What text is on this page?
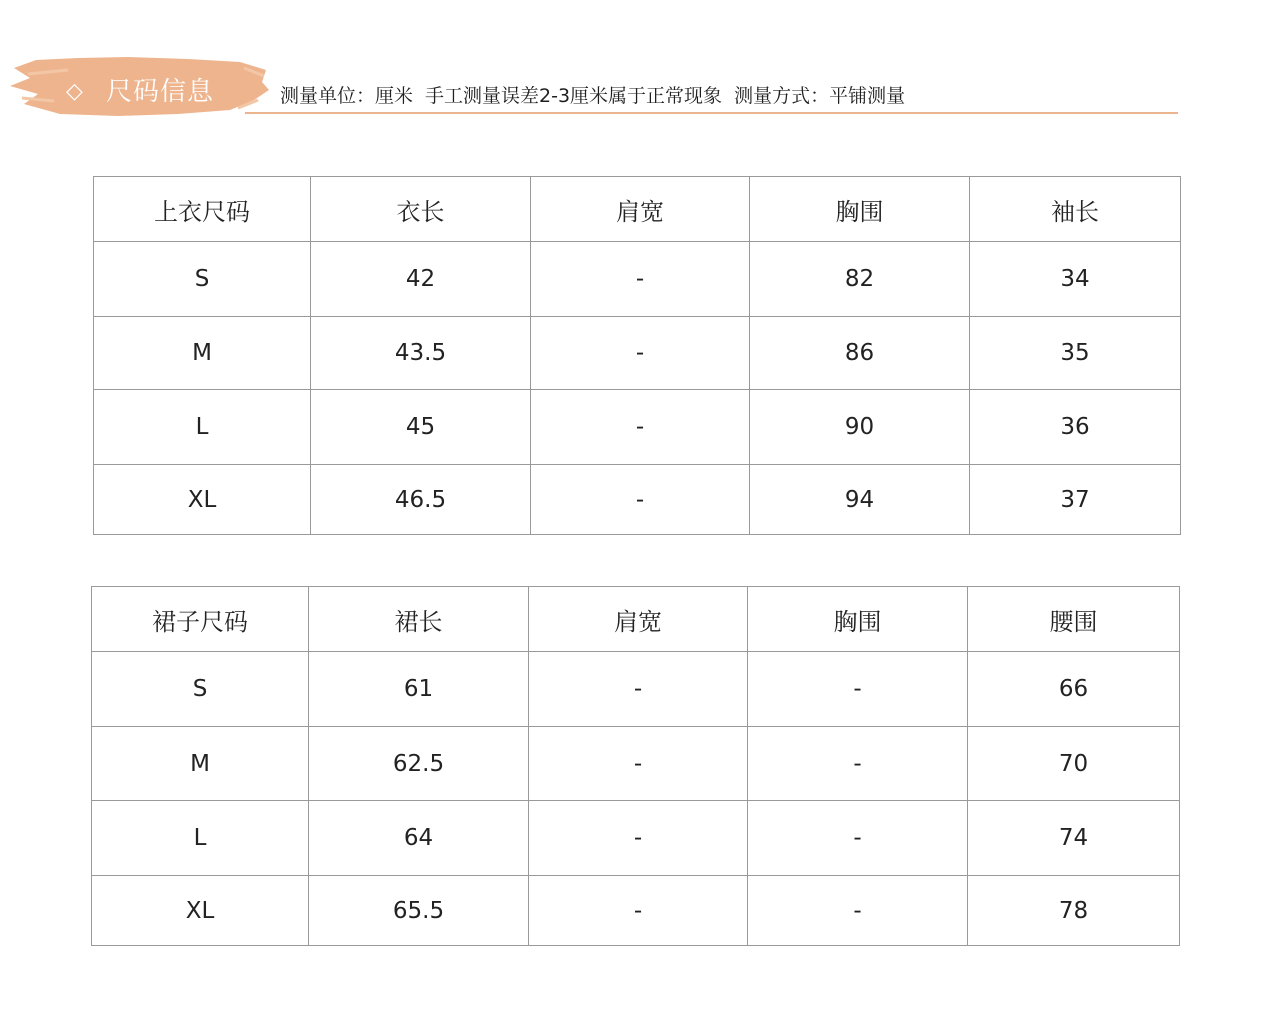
◇ 尺码信息	测量单位：厘米 手工测量误差2-3厘米属于正常现象 测量方式：平铺测量
上衣尺码	衣长	肩宽	胸围	袖长
S	42	-	82	34
M	43.5	-	86	35
L	45	-	90	36
XL	46.5	-	94	37
裙子尺码	裙长	肩宽	胸围	腰围
S	61	-	-	66
M	62.5	-	-	70
L	64	-	-	74
XL	65.5	-	-	78
